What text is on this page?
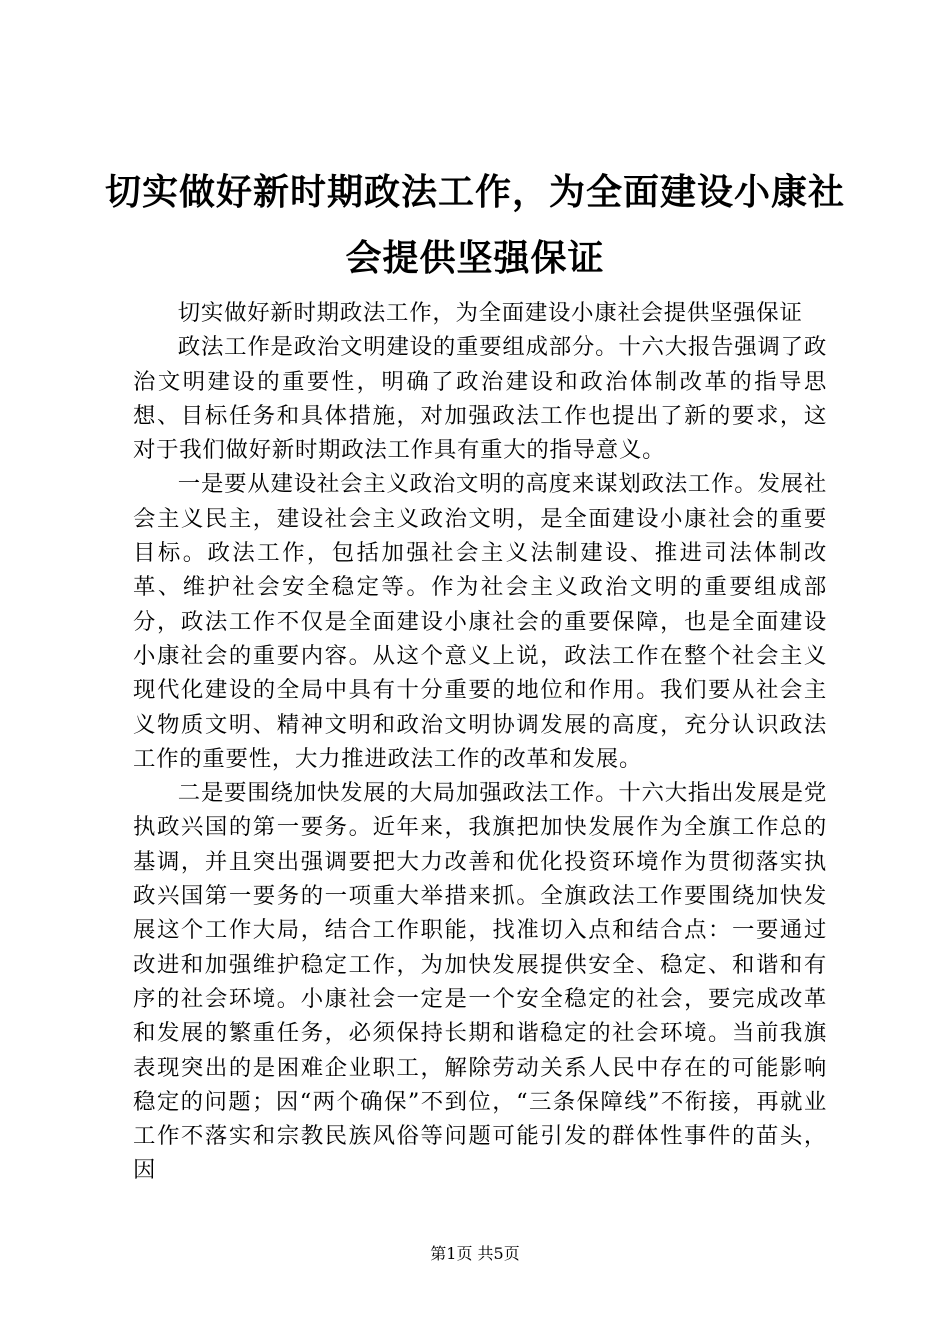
切实做好新时期政法工作，为全面建设小康社会提供坚强保证

切实做好新时期政法工作，为全面建设小康社会提供坚强保证

政法工作是政治文明建设的重要组成部分。十六大报告强调了政治文明建设的重要性，明确了政治建设和政治体制改革的指导思想、目标任务和具体措施，对加强政法工作也提出了新的要求，这对于我们做好新时期政法工作具有重大的指导意义。

一是要从建设社会主义政治文明的高度来谋划政法工作。发展社会主义民主，建设社会主义政治文明，是全面建设小康社会的重要目标。政法工作，包括加强社会主义法制建设、推进司法体制改革、维护社会安全稳定等。作为社会主义政治文明的重要组成部分，政法工作不仅是全面建设小康社会的重要保障，也是全面建设小康社会的重要内容。从这个意义上说，政法工作在整个社会主义现代化建设的全局中具有十分重要的地位和作用。我们要从社会主义物质文明、精神文明和政治文明协调发展的高度，充分认识政法工作的重要性，大力推进政法工作的改革和发展。

二是要围绕加快发展的大局加强政法工作。十六大指出发展是党执政兴国的第一要务。近年来，我旗把加快发展作为全旗工作总的基调，并且突出强调要把大力改善和优化投资环境作为贯彻落实执政兴国第一要务的一项重大举措来抓。全旗政法工作要围绕加快发展这个工作大局，结合工作职能，找准切入点和结合点：一要通过改进和加强维护稳定工作，为加快发展提供安全、稳定、和谐和有序的社会环境。小康社会一定是一个安全稳定的社会，要完成改革和发展的繁重任务，必须保持长期和谐稳定的社会环境。当前我旗表现突出的是困难企业职工，解除劳动关系人民中存在的可能影响稳定的问题；因“两个确保”不到位，“三条保障线”不衔接，再就业工作不落实和宗教民族风俗等问题可能引发的群体性事件的苗头，因

第1页 共5页
